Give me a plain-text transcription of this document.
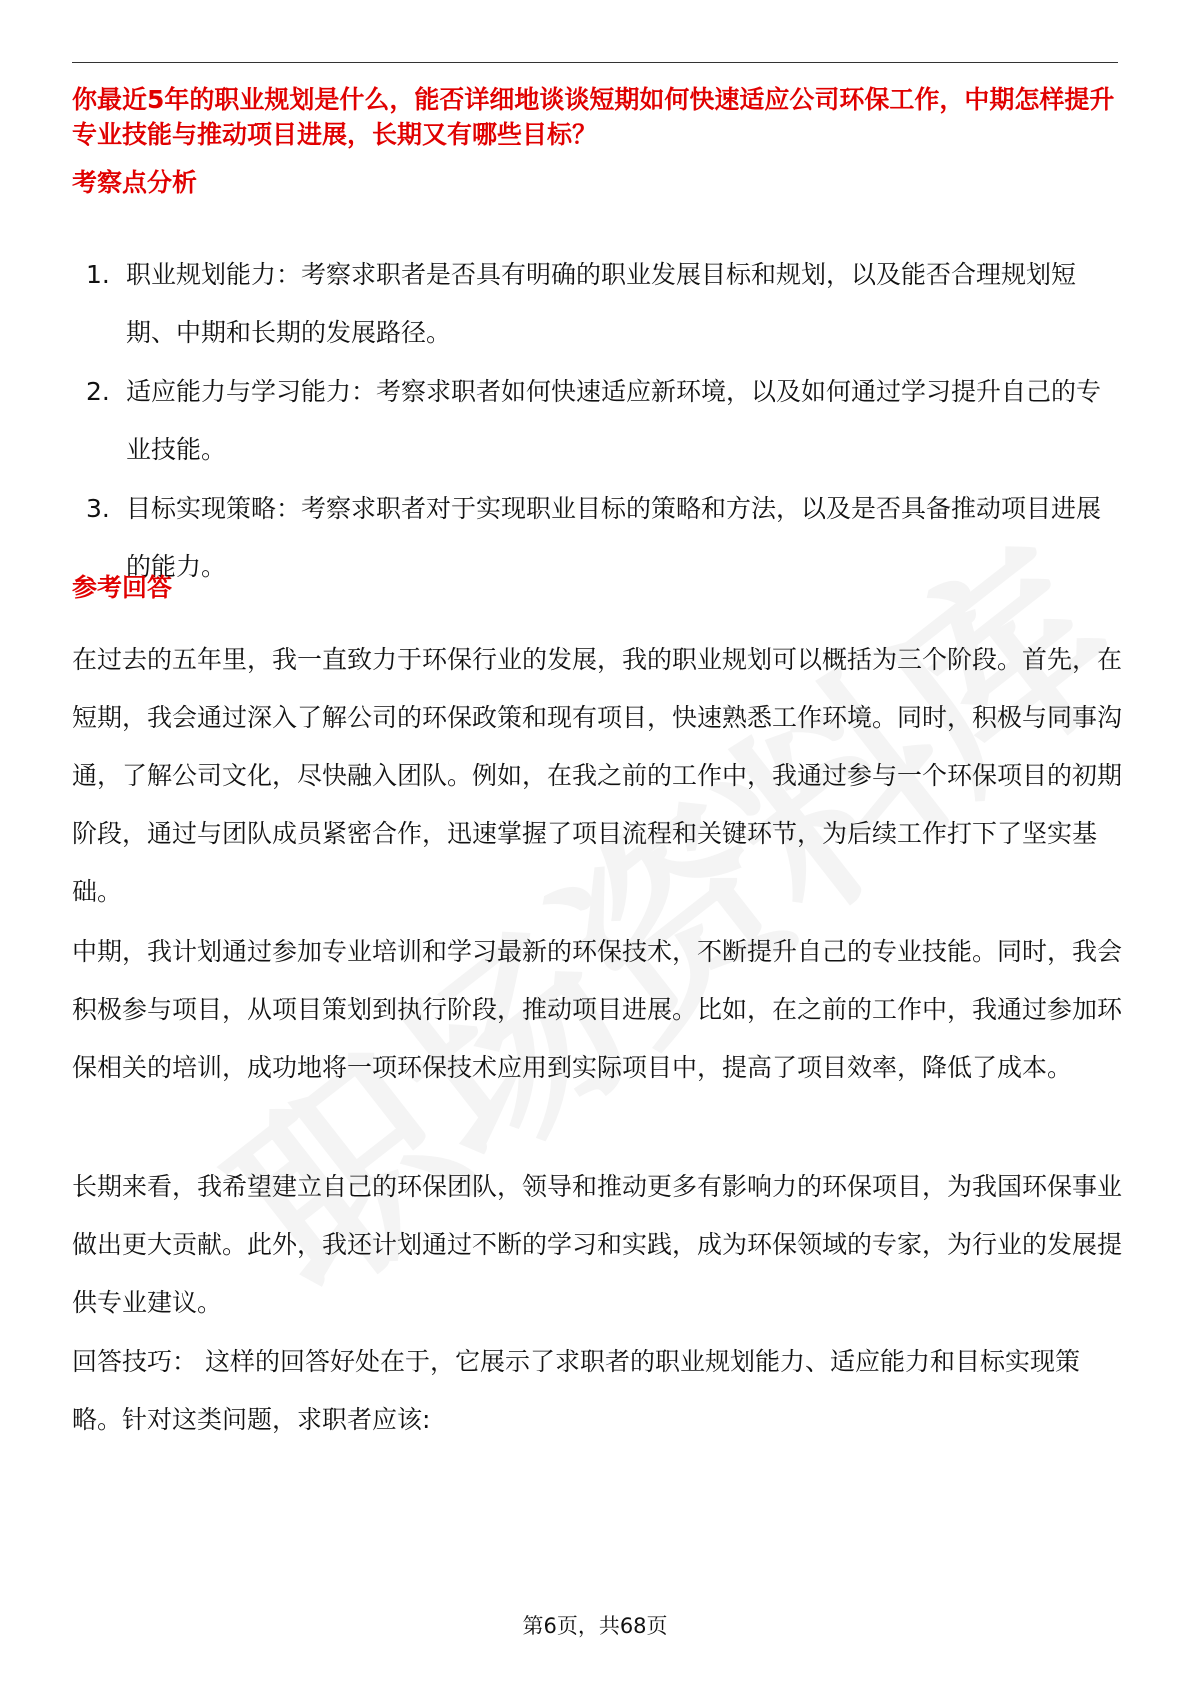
你最近5年的职业规划是什么，能否详细地谈谈短期如何快速适应公司环保工作，中期怎样提升专业技能与推动项目进展，长期又有哪些目标？
考察点分析
1. 职业规划能力：考察求职者是否具有明确的职业发展目标和规划，以及能否合理规划短期、中期和长期的发展路径。
2. 适应能力与学习能力：考察求职者如何快速适应新环境，以及如何通过学习提升自己的专业技能。
3. 目标实现策略：考察求职者对于实现职业目标的策略和方法，以及是否具备推动项目进展的能力。
参考回答

在过去的五年里，我一直致力于环保行业的发展，我的职业规划可以概括为三个阶段。首先，在短期，我会通过深入了解公司的环保政策和现有项目，快速熟悉工作环境。同时，积极与同事沟通，了解公司文化，尽快融入团队。例如，在我之前的工作中，我通过参与一个环保项目的初期阶段，通过与团队成员紧密合作，迅速掌握了项目流程和关键环节，为后续工作打下了坚实基础。

中期，我计划通过参加专业培训和学习最新的环保技术，不断提升自己的专业技能。同时，我会积极参与项目，从项目策划到执行阶段，推动项目进展。比如，在之前的工作中，我通过参加环保相关的培训，成功地将一项环保技术应用到实际项目中，提高了项目效率，降低了成本。

长期来看，我希望建立自己的环保团队，领导和推动更多有影响力的环保项目，为我国环保事业做出更大贡献。此外，我还计划通过不断的学习和实践，成为环保领域的专家，为行业的发展提供专业建议。

回答技巧： 这样的回答好处在于，它展示了求职者的职业规划能力、适应能力和目标实现策略。针对这类问题，求职者应该:

第6页，共68页
